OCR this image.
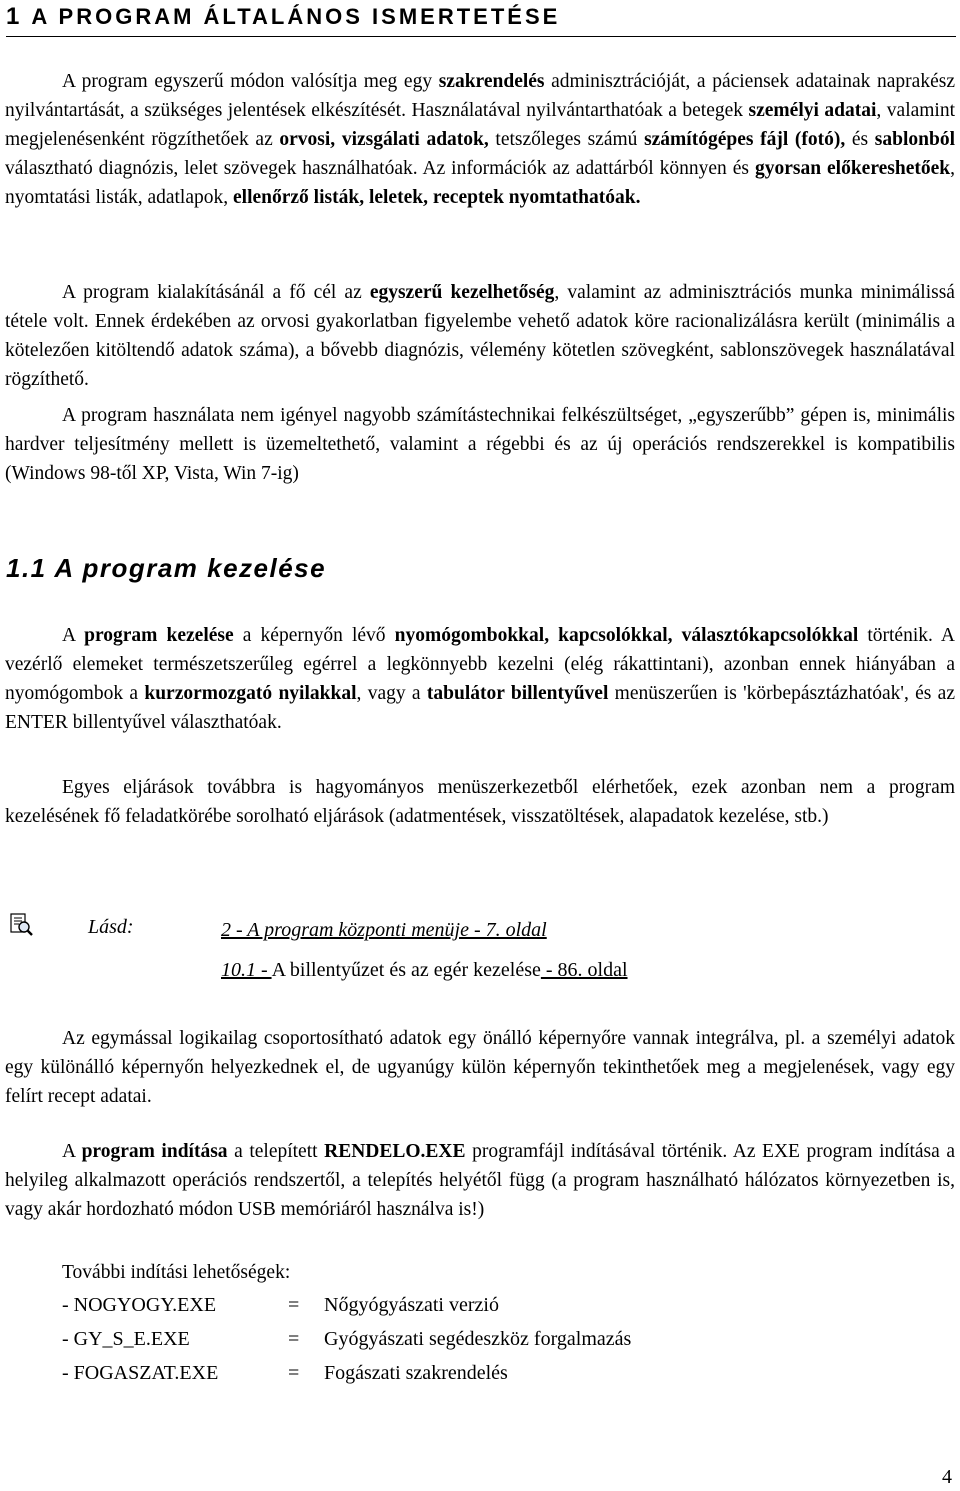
1 A PROGRAM ÁLTALÁNOS ISMERTETÉSE
A program egyszerű módon valósítja meg egy szakrendelés adminisztrációját, a páciensek adatainak naprakész nyilvántartását, a szükséges jelentések elkészítését. Használatával nyilvántarthatóak a betegek személyi adatai, valamint megjelenésenként rögzíthetőek az orvosi, vizsgálati adatok, tetszőleges számú számítógépes fájl (fotó), és sablonból választható diagnózis, lelet szövegek használhatóak. Az információk az adattárból könnyen és gyorsan előkereshetőek, nyomtatási listák, adatlapok, ellenőrző listák, leletek, receptek nyomtathatóak.
A program kialakításánál a fő cél az egyszerű kezelhetőség, valamint az adminisztrációs munka minimálissá tétele volt. Ennek érdekében az orvosi gyakorlatban figyelembe vehető adatok köre racionalizálásra került (minimális a kötelezően kitöltendő adatok száma), a bővebb diagnózis, vélemény kötetlen szövegként, sablonszövegek használatával rögzíthető.
A program használata nem igényel nagyobb számítástechnikai felkészültséget, „egyszerűbb” gépen is, minimális hardver teljesítmény mellett is üzemeltethető, valamint a régebbi és az új operációs rendszerekkel is kompatibilis (Windows 98-től XP, Vista, Win 7-ig)
1.1 A program kezelése
A program kezelése a képernyőn lévő nyomógombokkal, kapcsolókkal, választókapcsolókkal történik. A vezérlő elemeket természetszerűleg egérrel a legkönnyebb kezelni (elég rákattintani), azonban ennek hiányában a nyomógombok a kurzormozgató nyilakkal, vagy a tabulátor billentyűvel menüszerűen is 'körbepásztázhatóak', és az ENTER billentyűvel választhatóak.
Egyes eljárások továbbra is hagyományos menüszerkezetből elérhetőek, ezek azonban nem a program kezelésének fő feladatkörébe sorolható eljárások (adatmentések, visszatöltések, alapadatok kezelése, stb.)
Lásd:	2 - A program központi menüje - 7. oldal
10.1 - A billentyűzet és az egér kezelése - 86. oldal
Az egymással logikailag csoportosítható adatok egy önálló képernyőre vannak integrálva, pl. a személyi adatok egy különálló képernyőn helyezkednek el, de ugyanúgy külön képernyőn tekinthetőek meg a megjelenések, vagy egy felírt recept adatai.
A program indítása a telepített RENDELO.EXE programfájl indításával történik. Az EXE program indítása a helyileg alkalmazott operációs rendszertől, a telepítés helyétől függ (a program használható hálózatos környezetben is, vagy akár hordozható módon USB memóriáról használva is!)
További indítási lehetőségek:
- NOGYOGY.EXE	= Nőgyógyászati verzió
- GY_S_E.EXE	= Gyógyászati segédeszköz forgalmazás
- FOGASZAT.EXE	= Fogászati szakrendelés
4
